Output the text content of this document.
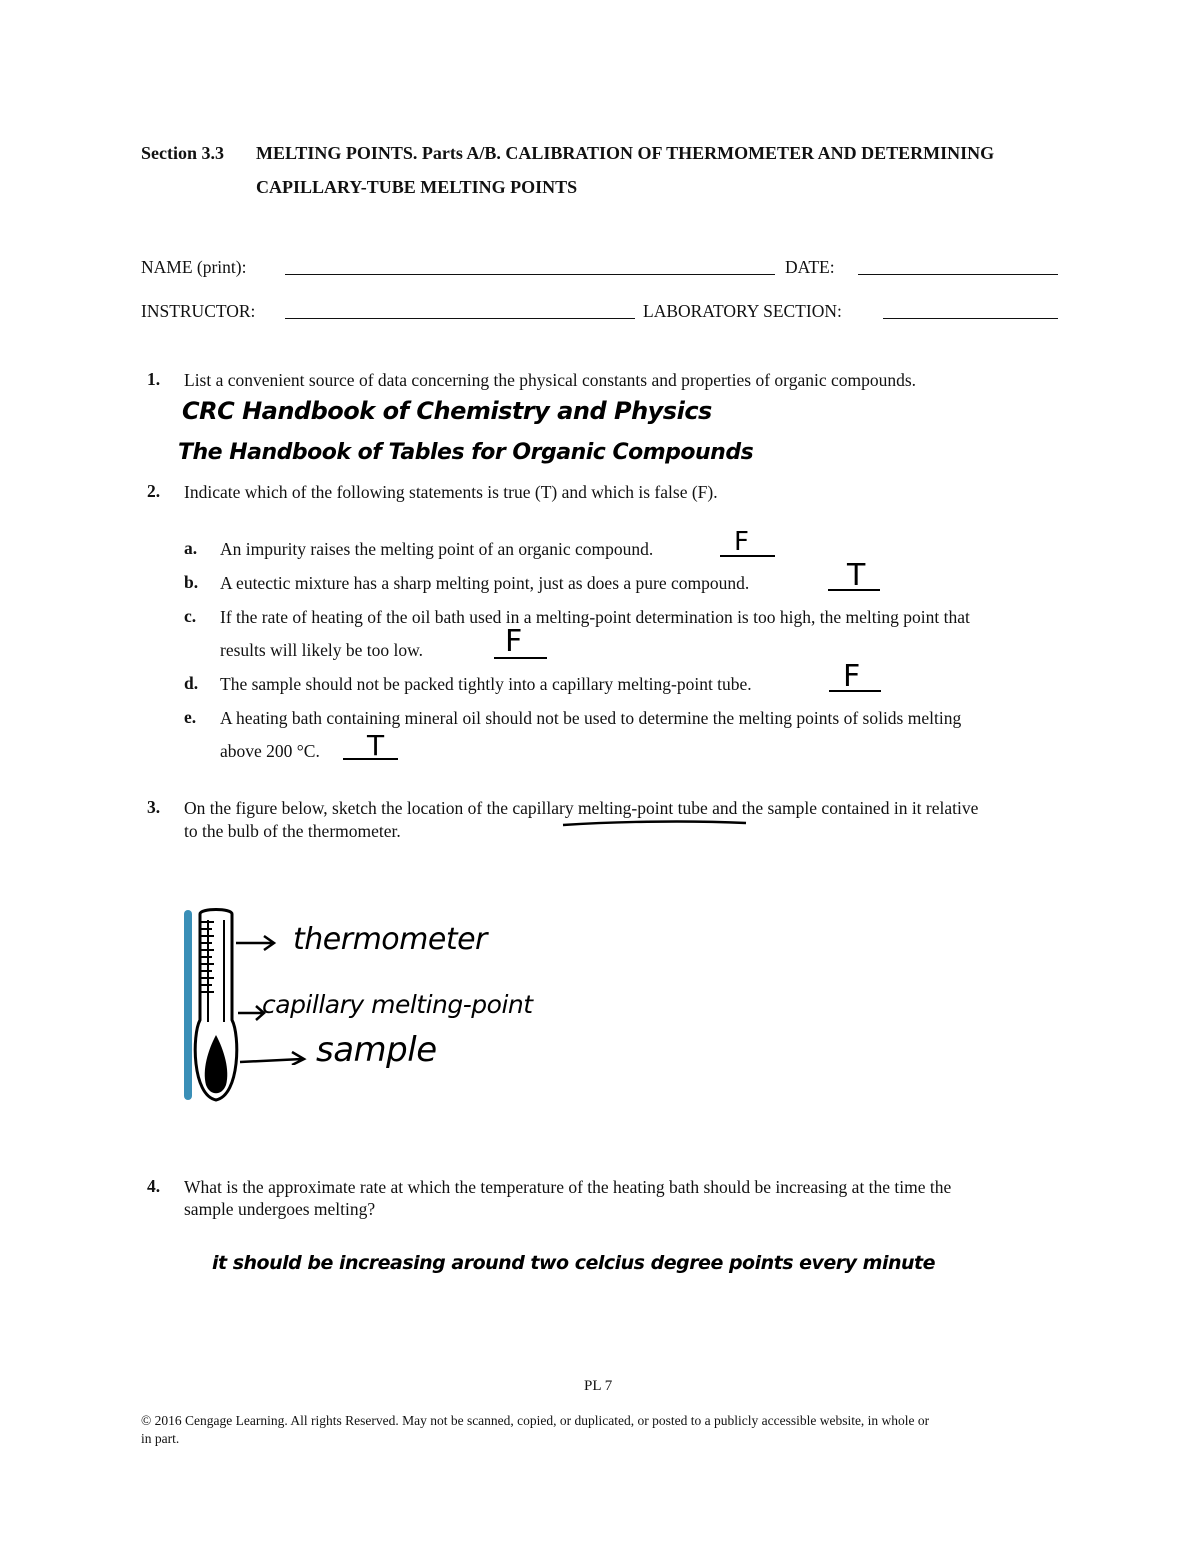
Section 3.3 MELTING POINTS. Parts A/B. CALIBRATION OF THERMOMETER AND DETERMINING
CAPILLARY-TUBE MELTING POINTS
NAME (print):	DATE:
INSTRUCTOR:	LABORATORY SECTION:
1. List a convenient source of data concerning the physical constants and properties of organic compounds.
CRC Handbook of Chemistry and Physics
The Handbook of Tables for Organic Compounds
2. Indicate which of the following statements is true (T) and which is false (F).
a. An impurity raises the melting point of an organic compound.	F
b. A eutectic mixture has a sharp melting point, just as does a pure compound.	T
c. If the rate of heating of the oil bath used in a melting-point determination is too high, the melting point that
results will likely be too low.	F
d. The sample should not be packed tightly into a capillary melting-point tube.	F
e. A heating bath containing mineral oil should not be used to determine the melting points of solids melting
above 200 °C. T
3. On the figure below, sketch the location of the capillary melting-point tube and the sample contained in it relative
to the bulb of the thermometer.
thermometer
capillary melting-point
sample
4. What is the approximate rate at which the temperature of the heating bath should be increasing at the time the
sample undergoes melting?
it should be increasing around two celcius degree points every minute
PL 7
© 2016 Cengage Learning. All rights Reserved. May not be scanned, copied, or duplicated, or posted to a publicly accessible website, in whole or
in part.
